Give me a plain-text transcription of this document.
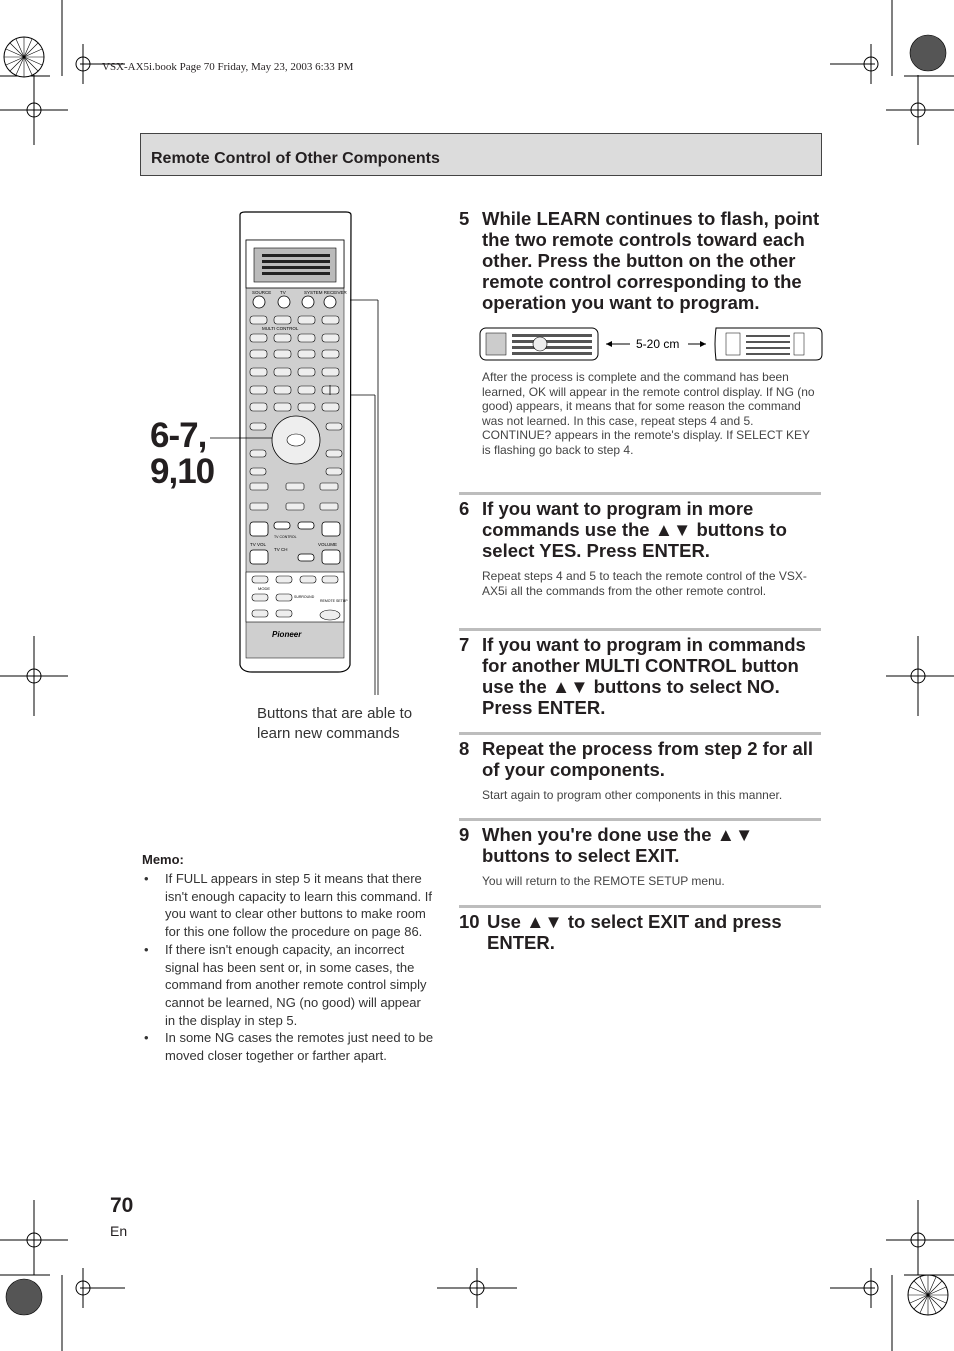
VSX-AX5i.book Page 70 Friday, May 23, 2003 6:33 PM
Remote Control of Other Components
SOURCE TV	SYSTEM RECEIVER
MULTI CONTROL
TV VOL
TV CH
VOLUME
TV CONTROL
MODE
SURROUND
REMOTE SETUP
Pioneer
6-7,
9,10
Buttons that are able to learn new commands
Memo:
• If FULL appears in step 5 it means that there isn't enough capacity to learn this command. If you want to clear other buttons to make room for this one follow the procedure on page 86.
• If there isn't enough capacity, an incorrect signal has been sent or, in some cases, the command from another remote control simply cannot be learned, NG (no good) will appear in the display in step 5.
• In some NG cases the remotes just need to be moved closer together or farther apart.
5 While LEARN continues to flash, point the two remote controls toward each other. Press the button on the other remote control corresponding to the operation you want to program.

5-20 cm

After the process is complete and the command has been learned, OK will appear in the remote control display. If NG (no good) appears, it means that for some reason the command was not learned. In this case, repeat steps 4 and 5.
CONTINUE? appears in the remote's display. If SELECT KEY is flashing go back to step 4.

6 If you want to program in more commands use the ▲▼ buttons to select YES. Press ENTER.

Repeat steps 4 and 5 to teach the remote control of the VSX-AX5i all the commands from the other remote control.

7 If you want to program in commands for another MULTI CONTROL button use the ▲▼ buttons to select NO. Press ENTER.

8 Repeat the process from step 2 for all of your components.

Start again to program other components in this manner.

9 When you're done use the ▲▼ buttons to select EXIT.

You will return to the REMOTE SETUP menu.

10 Use ▲▼ to select EXIT and press ENTER.

70
En
